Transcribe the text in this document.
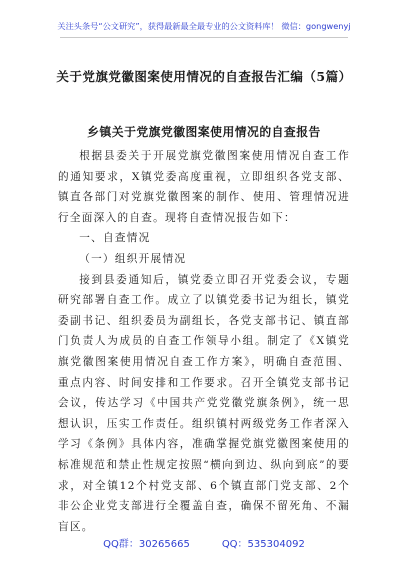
关注头条号“公文研究”，获得最新最全最专业的公文资料库！ 微信：gongwenyj
关于党旗党徽图案使用情况的自查报告汇编（5篇）
乡镇关于党旗党徽图案使用情况的自查报告

根据县委关于开展党旗党徽图案使用情况自查工作的通知要求，X镇党委高度重视，立即组织各党支部、镇直各部门对党旗党徽图案的制作、使用、管理情况进行全面深入的自查。现将自查情况报告如下：

一、自查情况

（一）组织开展情况

接到县委通知后，镇党委立即召开党委会议，专题研究部署自查工作。成立了以镇党委书记为组长，镇党委副书记、组织委员为副组长，各党支部书记、镇直部门负责人为成员的自查工作领导小组。制定了《X镇党旗党徽图案使用情况自查工作方案》，明确自查范围、重点内容、时间安排和工作要求。召开全镇党支部书记会议，传达学习《中国共产党党徽党旗条例》，统一思想认识，压实工作责任。组织镇村两级党务工作者深入学习《条例》具体内容，准确掌握党旗党徽图案使用的标准规范和禁止性规定按照“横向到边、纵向到底”的要求，对全镇12个村党支部、6个镇直部门党支部、2个非公企业党支部进行全覆盖自查，确保不留死角、不漏盲区。

QQ群：30265665	QQ：535304092
